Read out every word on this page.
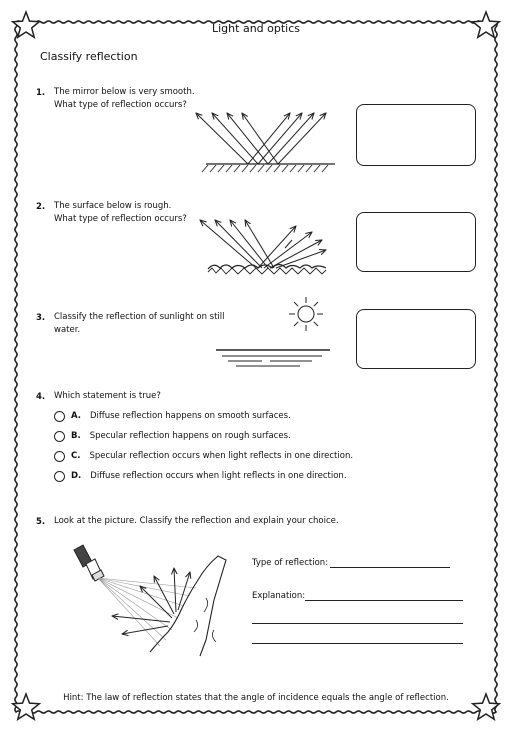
Light and optics
Classify reflection
1. The mirror below is very smooth.
What type of reflection occurs?
2. The surface below is rough.
What type of reflection occurs?
3. Classify the reflection of sunlight on still
water.
4. Which statement is true?
A. Diffuse reflection happens on smooth surfaces.
B. Specular reflection happens on rough surfaces.
C. Specular reflection occurs when light reflects in one direction.
D. Diffuse reflection occurs when light reflects in one direction.
5. Look at the picture. Classify the reflection and explain your choice.
Type of reflection:
Explanation:
Hint: The law of reflection states that the angle of incidence equals the angle of reflection.
